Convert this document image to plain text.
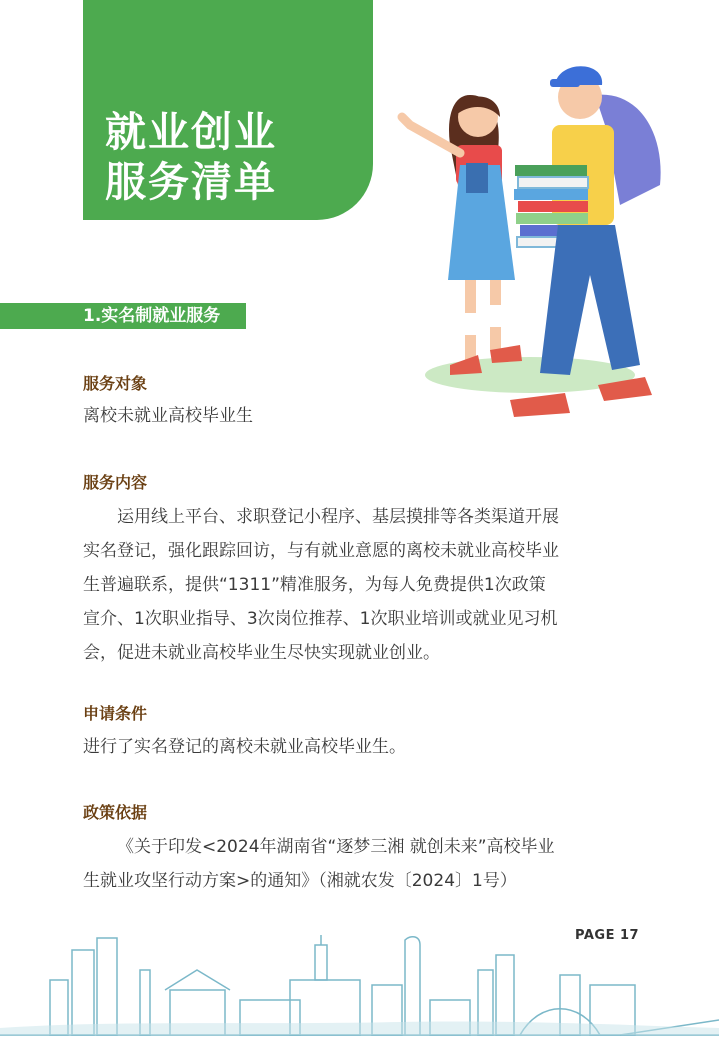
就业创业
服务清单
1.实名制就业服务
服务对象
离校未就业高校毕业生
服务内容
运用线上平台、求职登记小程序、基层摸排等各类渠道开展
实名登记，强化跟踪回访，与有就业意愿的离校未就业高校毕业
生普遍联系，提供“1311”精准服务，为每人免费提供1次政策
宣介、1次职业指导、3次岗位推荐、1次职业培训或就业见习机
会，促进未就业高校毕业生尽快实现就业创业。
申请条件
进行了实名登记的离校未就业高校毕业生。
政策依据
《关于印发<2024年湖南省“逐梦三湘 就创未来”高校毕业
生就业攻坚行动方案>的通知》（湘就农发〔2024〕1号）
PAGE 17
